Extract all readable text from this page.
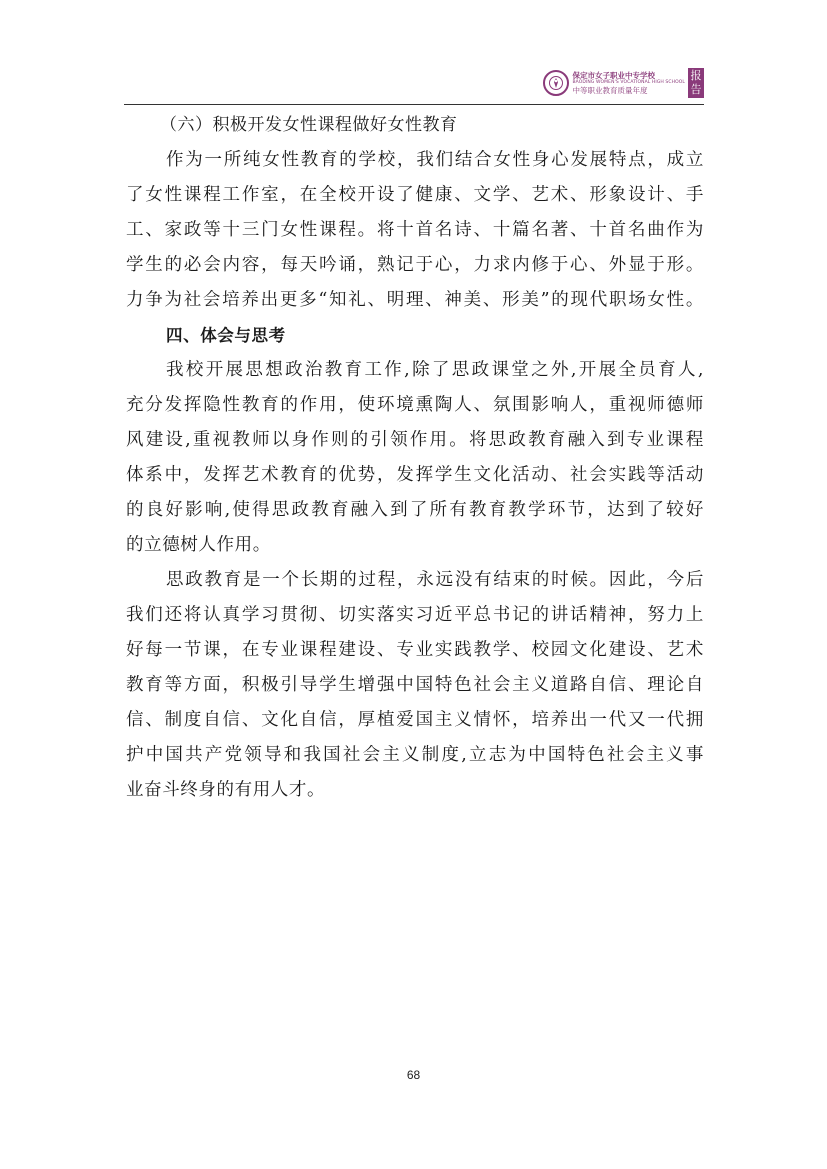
保定市女子职业中专学校
BAODING WOMEN'S VOCATIONAL HIGH SCHOOL
中等职业教育质量年度
报
告
（六）积极开发女性课程做好女性教育
作为一所纯女性教育的学校，我们结合女性身心发展特点，成立
了女性课程工作室，在全校开设了健康、文学、艺术、形象设计、手
工、家政等十三门女性课程。将十首名诗、十篇名著、十首名曲作为
学生的必会内容，每天吟诵，熟记于心，力求内修于心、外显于形。
力争为社会培养出更多“知礼、明理、神美、形美”的现代职场女性。
四、体会与思考
我校开展思想政治教育工作,除了思政课堂之外,开展全员育人,
充分发挥隐性教育的作用，使环境熏陶人、氛围影响人，重视师德师
风建设,重视教师以身作则的引领作用。将思政教育融入到专业课程
体系中，发挥艺术教育的优势，发挥学生文化活动、社会实践等活动
的良好影响,使得思政教育融入到了所有教育教学环节，达到了较好
的立德树人作用。
思政教育是一个长期的过程，永远没有结束的时候。因此，今后
我们还将认真学习贯彻、切实落实习近平总书记的讲话精神，努力上
好每一节课，在专业课程建设、专业实践教学、校园文化建设、艺术
教育等方面，积极引导学生增强中国特色社会主义道路自信、理论自
信、制度自信、文化自信，厚植爱国主义情怀，培养出一代又一代拥
护中国共产党领导和我国社会主义制度,立志为中国特色社会主义事
业奋斗终身的有用人才。
68
